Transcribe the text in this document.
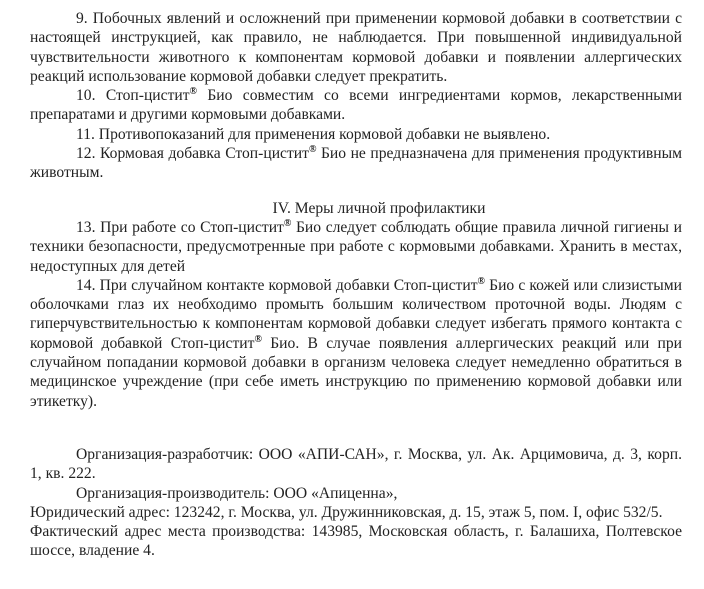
9. Побочных явлений и осложнений при применении кормовой добавки в соответствии с настоящей инструкцией, как правило, не наблюдается. При повышенной индивидуальной чувствительности животного к компонентам кормовой добавки и появлении аллергических реакций использование кормовой добавки следует прекратить.

10. Стоп-цистит® Био совместим со всеми ингредиентами кормов, лекарственными препаратами и другими кормовыми добавками.

11. Противопоказаний для применения кормовой добавки не выявлено.

12. Кормовая добавка Стоп-цистит® Био не предназначена для применения продуктивным животным.

IV. Меры личной профилактики

13. При работе со Стоп-цистит® Био следует соблюдать общие правила личной гигиены и техники безопасности, предусмотренные при работе с кормовыми добавками. Хранить в местах, недоступных для детей

14. При случайном контакте кормовой добавки Стоп-цистит® Био с кожей или слизистыми оболочками глаз их необходимо промыть большим количеством проточной воды. Людям с гиперчувствительностью к компонентам кормовой добавки следует избегать прямого контакта с кормовой добавкой Стоп-цистит® Био. В случае появления аллергических реакций или при случайном попадании кормовой добавки в организм человека следует немедленно обратиться в медицинское учреждение (при себе иметь инструкцию по применению кормовой добавки или этикетку).

Организация-разработчик: ООО «АПИ-САН», г. Москва, ул. Ак. Арцимовича, д. 3, корп. 1, кв. 222.

Организация-производитель: ООО «Апиценна»,

Юридический адрес: 123242, г. Москва, ул. Дружинниковская, д. 15, этаж 5, пом. I, офис 532/5.

Фактический адрес места производства: 143985, Московская область, г. Балашиха, Полтевское шоссе, владение 4.
